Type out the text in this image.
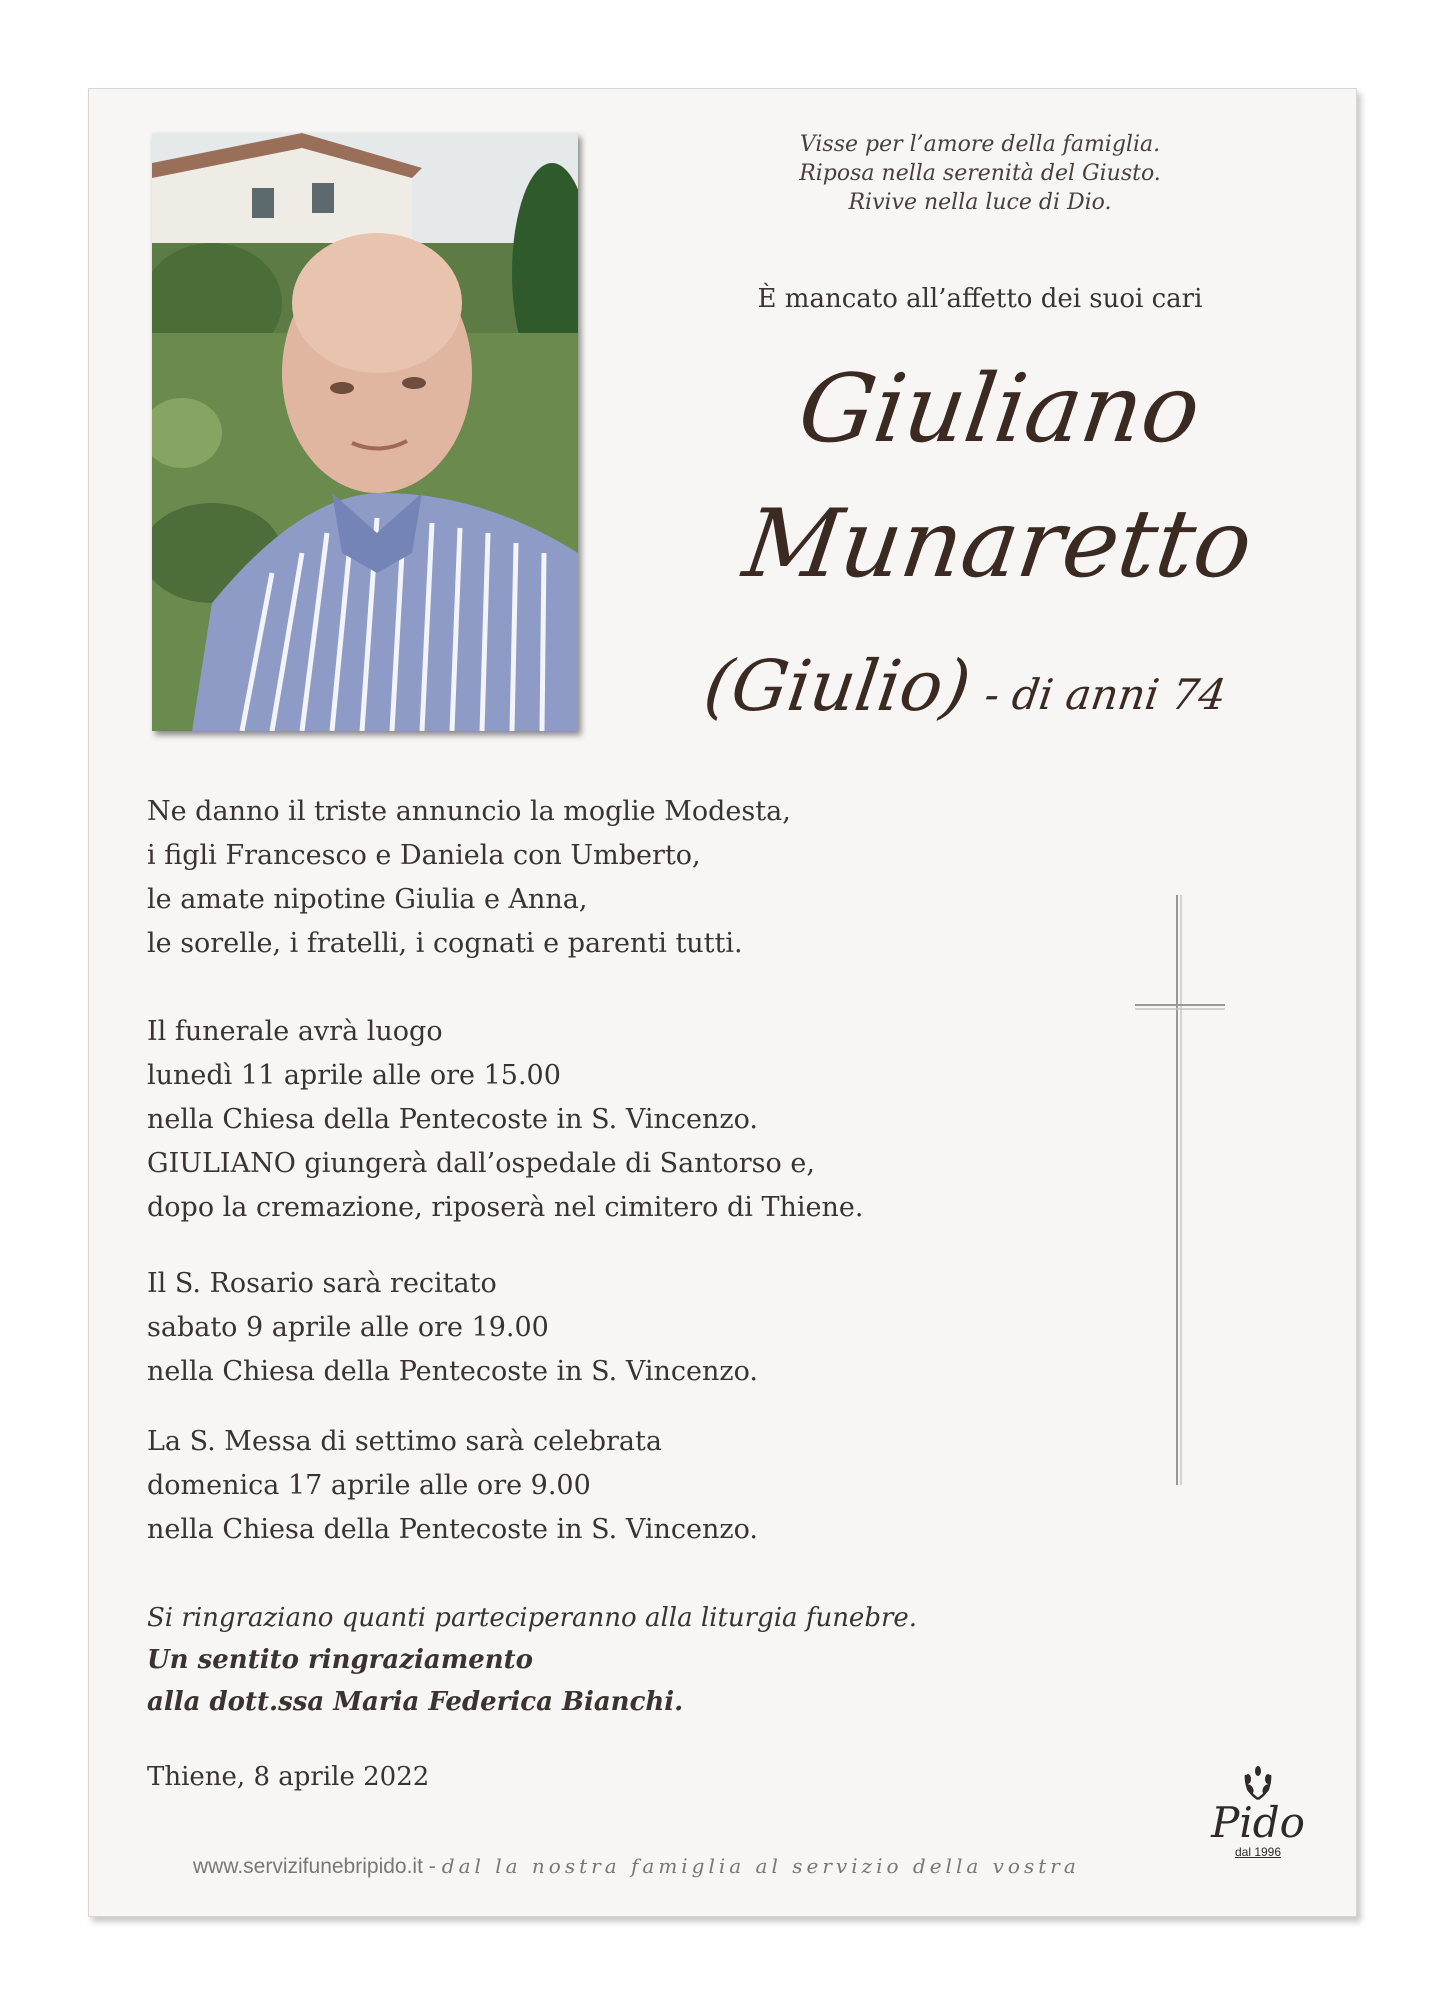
Visse per l’amore della famiglia.
Riposa nella serenità del Giusto.
Rivive nella luce di Dio.
È mancato all’affetto dei suoi cari
Giuliano
Munaretto
(Giulio) - di anni 74
Ne danno il triste annuncio la moglie Modesta,
i figli Francesco e Daniela con Umberto,
le amate nipotine Giulia e Anna,
le sorelle, i fratelli, i cognati e parenti tutti.
Il funerale avrà luogo
lunedì 11 aprile alle ore 15.00
nella Chiesa della Pentecoste in S. Vincenzo.
GIULIANO giungerà dall’ospedale di Santorso e,
dopo la cremazione, riposerà nel cimitero di Thiene.
Il S. Rosario sarà recitato
sabato 9 aprile alle ore 19.00
nella Chiesa della Pentecoste in S. Vincenzo.
La S. Messa di settimo sarà celebrata
domenica 17 aprile alle ore 9.00
nella Chiesa della Pentecoste in S. Vincenzo.
Si ringraziano quanti parteciperanno alla liturgia funebre.
Un sentito ringraziamento
alla dott.ssa Maria Federica Bianchi.
Thiene, 8 aprile 2022
www.servizifunebripido.it - dal la nostra famiglia al servizio della vostra
Pido
dal 1996
